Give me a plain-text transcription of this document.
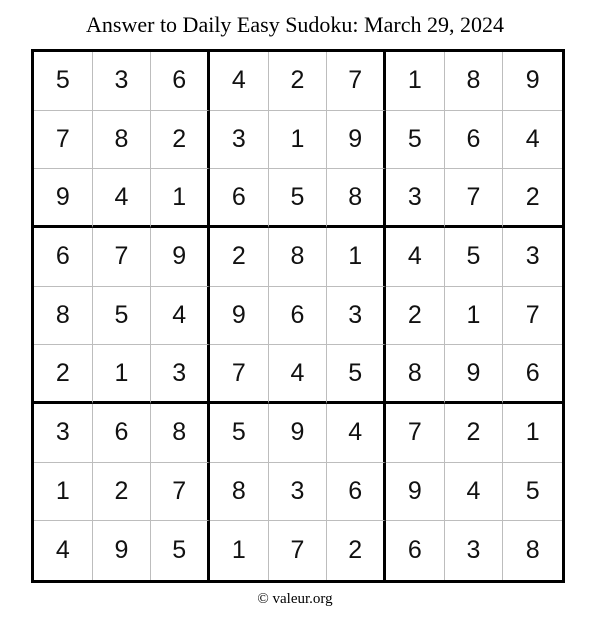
Answer to Daily Easy Sudoku: March 29, 2024
5	3	6	4	2	7	1	8	9
7	8	2	3	1	9	5	6	4
9	4	1	6	5	8	3	7	2
6	7	9	2	8	1	4	5	3
8	5	4	9	6	3	2	1	7
2	1	3	7	4	5	8	9	6
3	6	8	5	9	4	7	2	1
1	2	7	8	3	6	9	4	5
4	9	5	1	7	2	6	3	8
© valeur.org
